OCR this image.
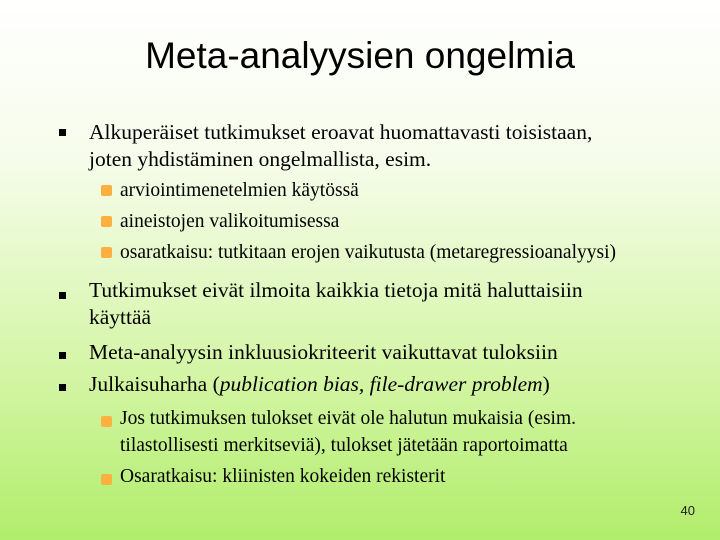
Meta-analyysien ongelmia
Alkuperäiset tutkimukset eroavat huomattavasti toisistaan,
joten yhdistäminen ongelmallista, esim.
arviointimenetelmien käytössä
aineistojen valikoitumisessa
osaratkaisu: tutkitaan erojen vaikutusta (metaregressioanalyysi)
Tutkimukset eivät ilmoita kaikkia tietoja mitä haluttaisiin
käyttää
Meta-analyysin inkluusiokriteerit vaikuttavat tuloksiin
Julkaisuharha (publication bias, file-drawer problem)
Jos tutkimuksen tulokset eivät ole halutun mukaisia (esim.
tilastollisesti merkitseviä), tulokset jätetään raportoimatta
Osaratkaisu: kliinisten kokeiden rekisterit
40
